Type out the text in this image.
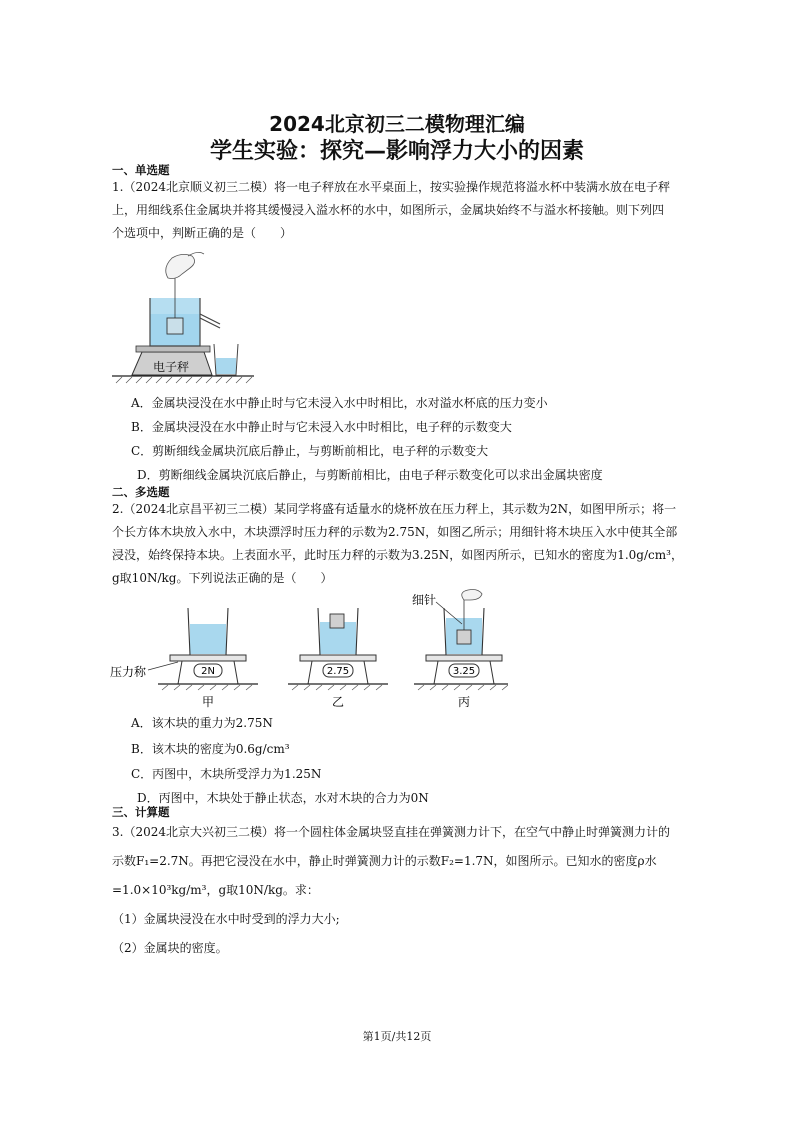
2024北京初三二模物理汇编
学生实验：探究—影响浮力大小的因素
一、单选题
1.（2024北京顺义初三二模）将一电子秤放在水平桌面上，按实验操作规范将溢水杯中装满水放在电子秤
上，用细线系住金属块并将其缓慢浸入溢水杯的水中，如图所示，金属块始终不与溢水杯接触。则下列四
个选项中，判断正确的是（　　）
电子秤
A．金属块浸没在水中静止时与它未浸入水中时相比，水对溢水杯底的压力变小
B．金属块浸没在水中静止时与它未浸入水中时相比，电子秤的示数变大
C．剪断细线金属块沉底后静止，与剪断前相比，电子秤的示数变大
D．剪断细线金属块沉底后静止，与剪断前相比，由电子秤示数变化可以求出金属块密度
二、多选题
2.（2024北京昌平初三二模）某同学将盛有适量水的烧杯放在压力秤上，其示数为2N，如图甲所示；将一
个长方体木块放入水中，木块漂浮时压力秤的示数为2.75N，如图乙所示；用细针将木块压入水中使其全部
浸没，始终保持本块。上表面水平，此时压力秤的示数为3.25N，如图丙所示，已知水的密度为1.0g/cm³，
g取10N/kg。下列说法正确的是（　　）
2N
压力称
甲
2.75
乙
细针
3.25
丙
A．该木块的重力为2.75N
B．该木块的密度为0.6g/cm³
C．丙图中，木块所受浮力为1.25N
D．丙图中，木块处于静止状态，水对木块的合力为0N
三、计算题
3.（2024北京大兴初三二模）将一个圆柱体金属块竖直挂在弹簧测力计下，在空气中静止时弹簧测力计的
示数F₁=2.7N。再把它浸没在水中，静止时弹簧测力计的示数F₂=1.7N，如图所示。已知水的密度ρ水
=1.0×10³kg/m³，g取10N/kg。求：
（1）金属块浸没在水中时受到的浮力大小;
（2）金属块的密度。
第1页/共12页
